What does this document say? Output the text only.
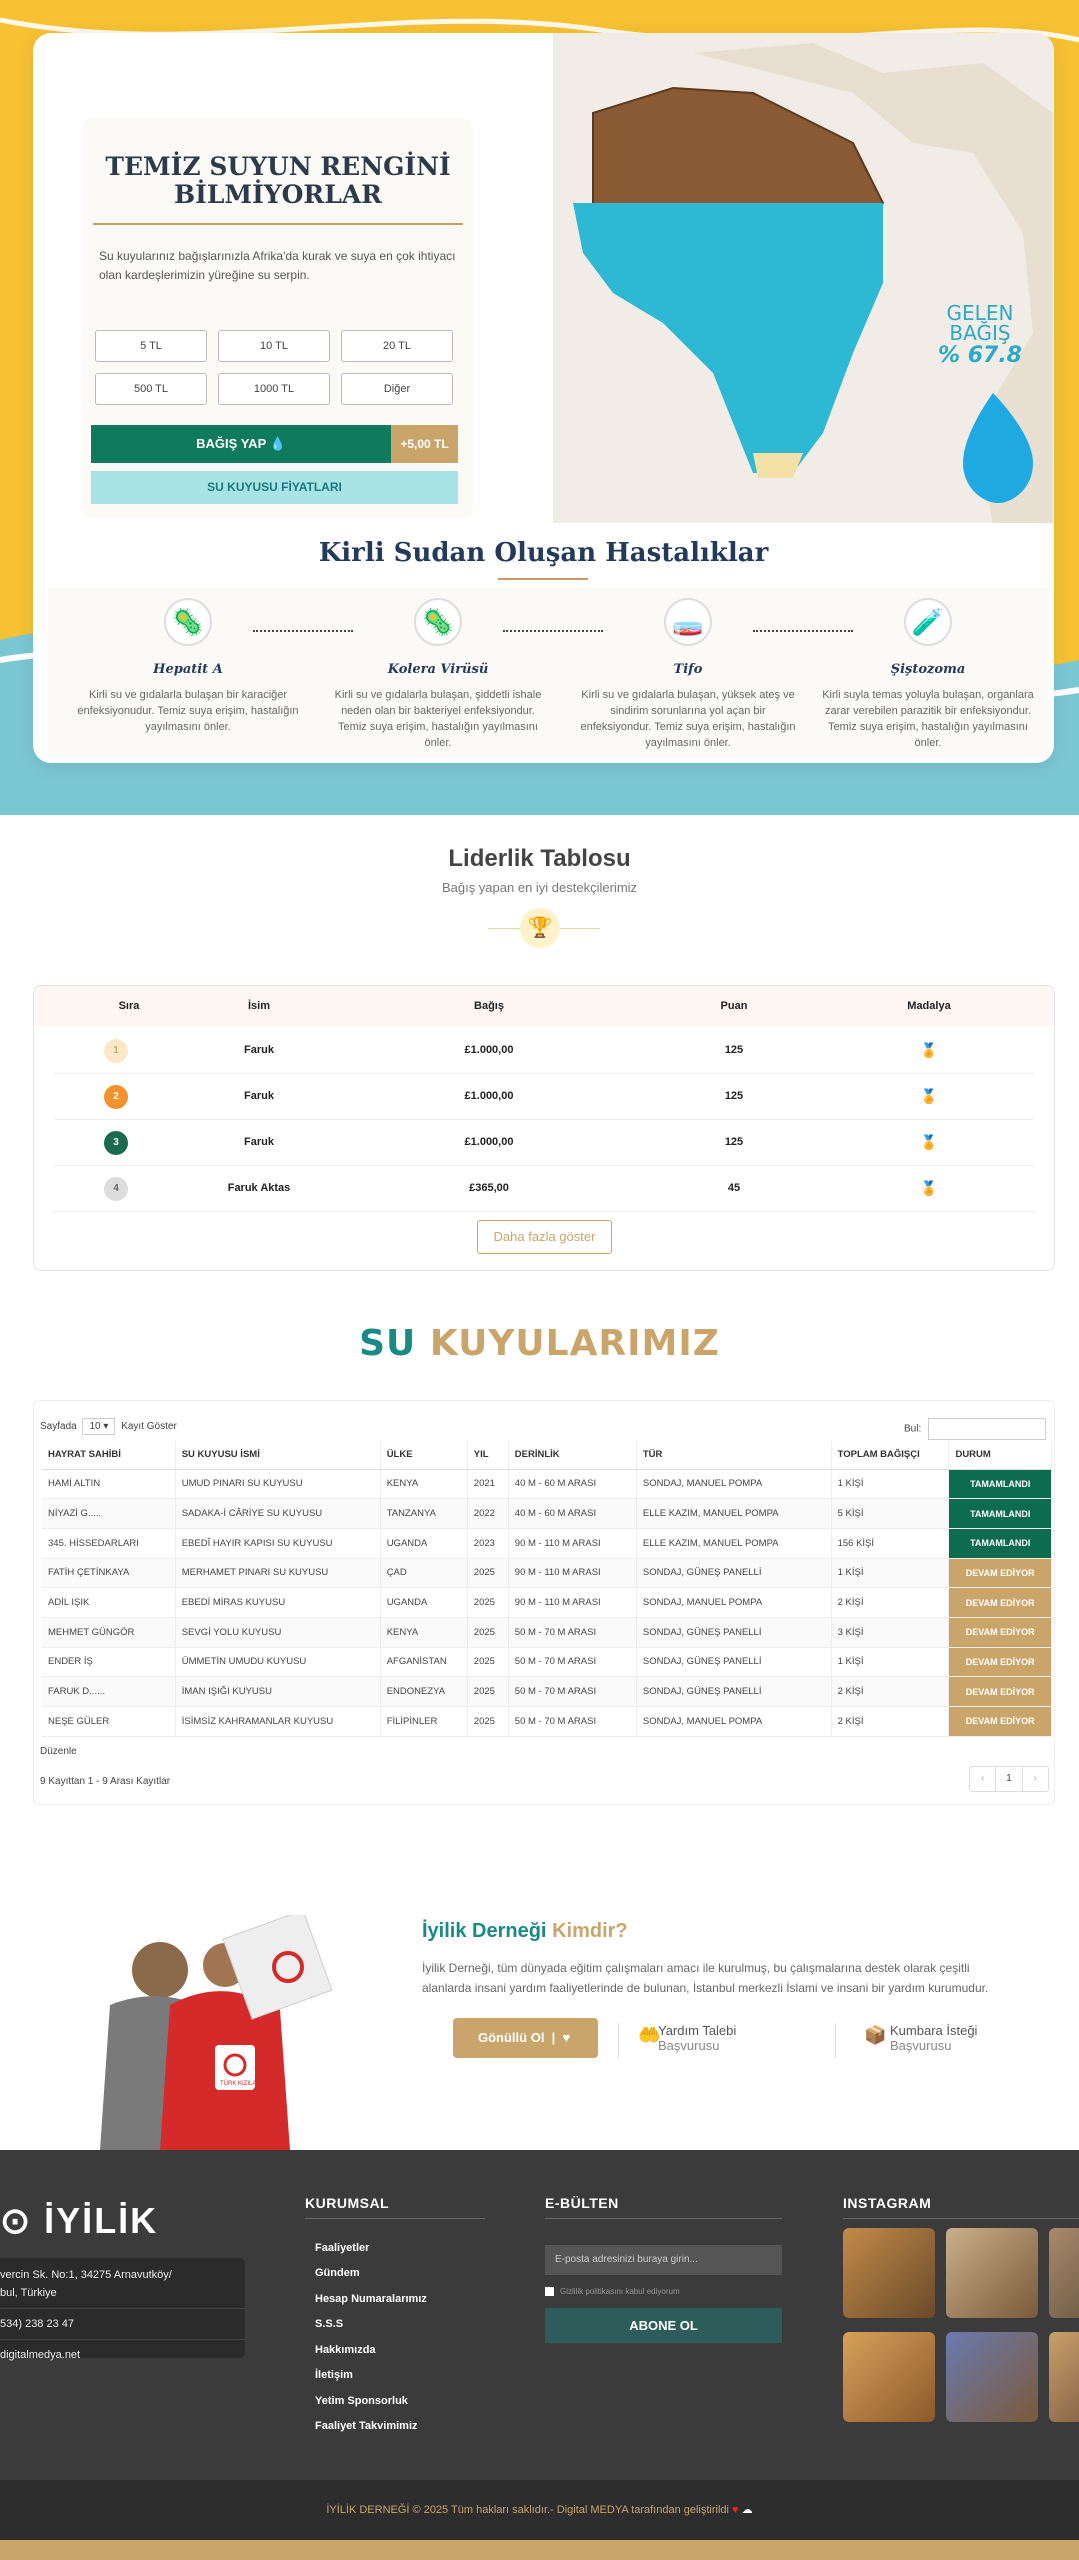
GELEN
BAĞIŞ
% 67.8
TEMİZ SUYUN RENGİNİ BİLMİYORLAR

Su kuyularınız bağışlarınızla Afrika'da kurak ve suya en çok ihtiyacı olan kardeşlerimizin yüreğine su serpin.

5 TL	10 TL	20 TL
500 TL	1000 TL	Diğer
BAĞIŞ YAP 💧	+5,00 TL
SU KUYUSU FİYATLARI
Kirli Sudan Oluşan Hastalıklar
🦠
Hepatit A
Kirli su ve gıdalarla bulaşan bir karaciğer enfeksiyonudur. Temiz suya erişim, hastalığın yayılmasını önler.
🦠
Kolera Virüsü
Kirli su ve gıdalarla bulaşan, şiddetli ishale neden olan bir bakteriyel enfeksiyondur. Temiz suya erişim, hastalığın yayılmasını önler.
🧫
Tifo
Kirli su ve gıdalarla bulaşan, yüksek ateş ve sindirim sorunlarına yol açan bir enfeksiyondur. Temiz suya erişim, hastalığın yayılmasını önler.
🧪
Şiştozoma
Kirli suyla temas yoluyla bulaşan, organlara zarar verebilen parazitik bir enfeksiyondur. Temiz suya erişim, hastalığın yayılmasını önler.
Liderlik Tablosu
Bağış yapan en iyi destekçilerimiz
🏆
Sıra	İsim	Bağış	Puan	Madalya
1	Faruk	£1.000,00	125	🏅
2	Faruk	£1.000,00	125	🏅
3	Faruk	£1.000,00	125	🏅
4	Faruk Aktas	£365,00	45	🏅
Daha fazla göster
SU KUYULARIMIZ
Sayfada 10 ▾ Kayıt Göster	Bul:
HAYRAT SAHİBİ	SU KUYUSU İSMİ	ÜLKE	YIL	DERİNLİK	TÜR	TOPLAM BAĞIŞÇI	DURUM
HAMİ ALTIN	UMUD PINARI SU KUYUSU	KENYA	2021	40 M - 60 M ARASI	SONDAJ, MANUEL POMPA	1 KİŞİ	TAMAMLANDI
NİYAZİ G.....	SADAKA-İ CÂRİYE SU KUYUSU	TANZANYA	2022	40 M - 60 M ARASI	ELLE KAZIM, MANUEL POMPA	5 KİŞİ	TAMAMLANDI
345. HİSSEDARLARI	EBEDÎ HAYIR KAPISI SU KUYUSU	UGANDA	2023	90 M - 110 M ARASI	ELLE KAZIM, MANUEL POMPA	156 KİŞİ	TAMAMLANDI
FATİH ÇETİNKAYA	MERHAMET PINARI SU KUYUSU	ÇAD	2025	90 M - 110 M ARASI	SONDAJ, GÜNEŞ PANELLİ	1 KİŞİ	DEVAM EDİYOR
ADİL IŞIK	EBEDİ MİRAS KUYUSU	UGANDA	2025	90 M - 110 M ARASI	SONDAJ, MANUEL POMPA	2 KİŞİ	DEVAM EDİYOR
MEHMET GÜNGÖR	SEVGİ YOLU KUYUSU	KENYA	2025	50 M - 70 M ARASI	SONDAJ, GÜNEŞ PANELLİ	3 KİŞİ	DEVAM EDİYOR
ENDER İŞ	ÜMMETİN UMUDU KUYUSU	AFGANİSTAN	2025	50 M - 70 M ARASI	SONDAJ, GÜNEŞ PANELLİ	1 KİŞİ	DEVAM EDİYOR
FARUK D......	İMAN IŞIĞI KUYUSU	ENDONEZYA	2025	50 M - 70 M ARASI	SONDAJ, GÜNEŞ PANELLİ	2 KİŞİ	DEVAM EDİYOR
NEŞE GÜLER	İSİMSİZ KAHRAMANLAR KUYUSU	FİLİPİNLER	2025	50 M - 70 M ARASI	SONDAJ, MANUEL POMPA	2 KİŞİ	DEVAM EDİYOR
Düzenle
9 Kayıttan 1 - 9 Arası Kayıtlar	‹	1	›
TÜRK KIZILAY
İyilik Derneği Kimdir?

İyilik Derneği, tüm dünyada eğitim çalışmaları amacı ile kurulmuş, bu çalışmalarına destek olarak çeşitli alanlarda insani yardım faaliyetlerinde de bulunan, İstanbul merkezli İslami ve insani bir yardım kurumudur.

Gönüllü Ol  |  ♥	🤲
Yardım Talebi
Başvurusu
📦 Kumbara İsteği
Başvurusu
⊙ İYİLİK
vercin Sk. No:1, 34275 Arnavutköy/
bul, Türkiye
534) 238 23 47
digitalmedya.net
KURUMSAL
Faaliyetler
Gündem
Hesap Numaralarımız
S.S.S
Hakkımızda
İletişim
Yetim Sponsorluk
Faaliyet Takvimimiz
E-BÜLTEN
E-posta adresinizi buraya girin...
Gizlilik politikasını kabul ediyorum
ABONE OL
INSTAGRAM
İYİLİK DERNEĞİ © 2025 Tüm hakları saklıdır.- Digital MEDYA tarafından geliştirildi ♥ ☁
